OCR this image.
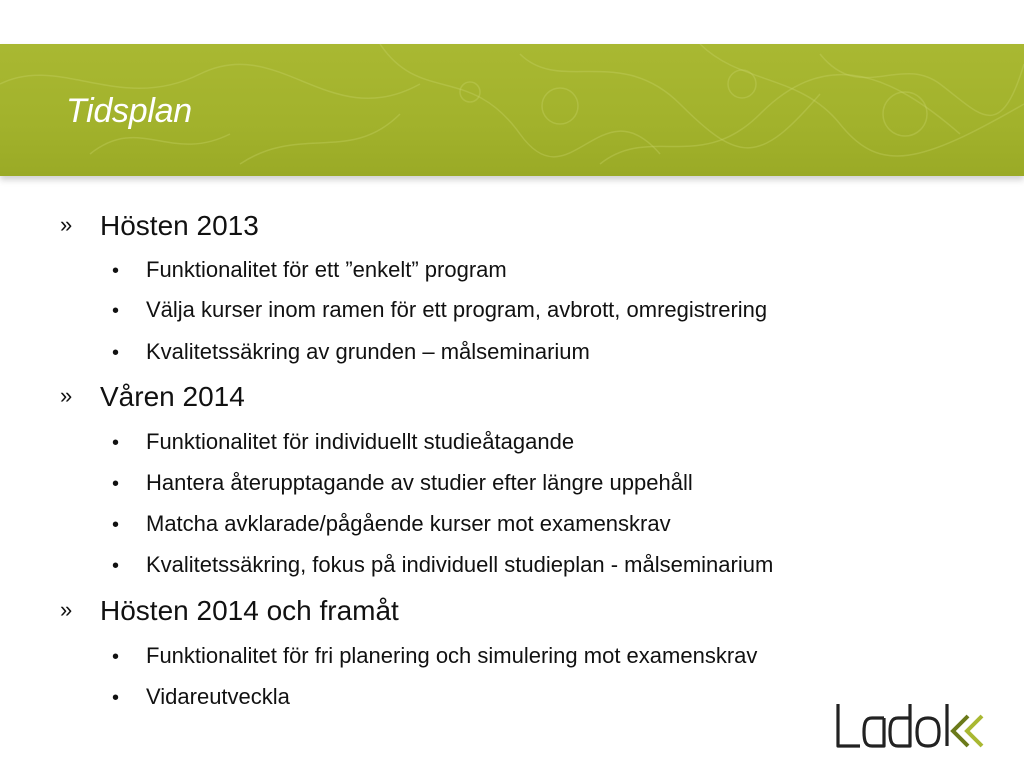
Tidsplan
» Hösten 2013
• Funktionalitet för ett ”enkelt” program
• Välja kurser inom ramen för ett program, avbrott, omregistrering
• Kvalitetssäkring av grunden – målseminarium
» Våren 2014
• Funktionalitet för individuellt studieåtagande
• Hantera återupptagande av studier efter längre uppehåll
• Matcha avklarade/pågående kurser mot examenskrav
• Kvalitetssäkring, fokus på individuell studieplan - målseminarium
» Hösten 2014 och framåt
• Funktionalitet för fri planering och simulering mot examenskrav
• Vidareutveckla
